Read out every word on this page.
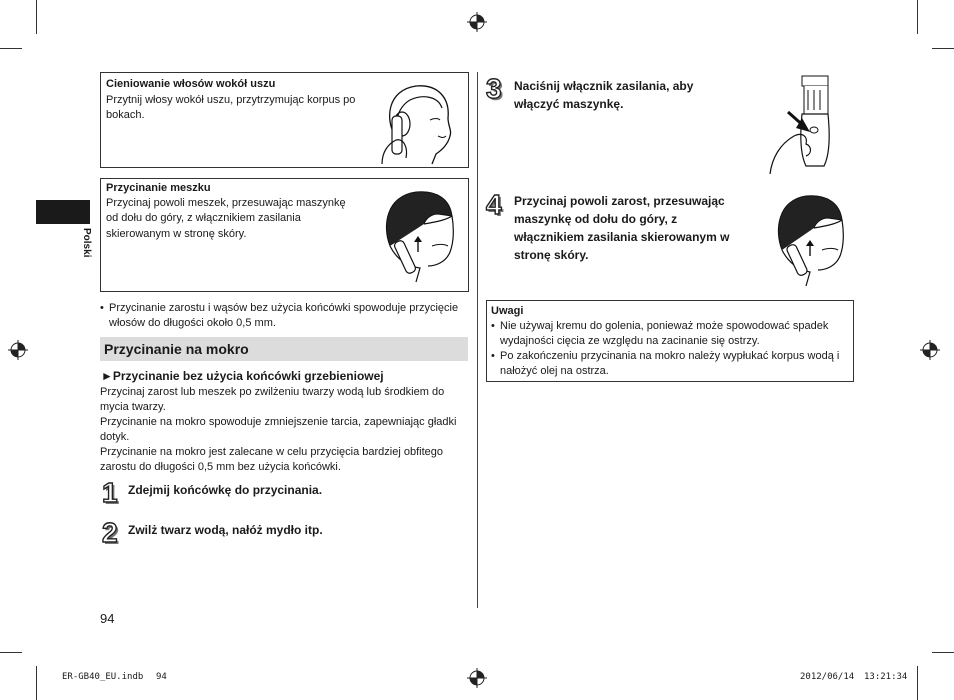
Polski
Cieniowanie włosów wokół uszu
Przytnij włosy wokół uszu, przytrzymując korpus po
bokach.
Przycinanie meszku
Przycinaj powoli meszek, przesuwając maszynkę
od dołu do góry, z włącznikiem zasilania
skierowanym w stronę skóry.
• Przycinanie zarostu i wąsów bez użycia końcówki spowoduje przycięcie
włosów do długości około 0,5 mm.
Przycinanie na mokro
►Przycinanie bez użycia końcówki grzebieniowej
Przycinaj zarost lub meszek po zwilżeniu twarzy wodą lub środkiem do
mycia twarzy.
Przycinanie na mokro spowoduje zmniejszenie tarcia, zapewniając gładki
dotyk.
Przycinanie na mokro jest zalecane w celu przycięcia bardziej obfitego
zarostu do długości 0,5 mm bez użycia końcówki.
1 Zdejmij końcówkę do przycinania.
2 Zwilż twarz wodą, nałóż mydło itp.
94
3 Naciśnij włącznik zasilania, aby
włączyć maszynkę.
4 Przycinaj powoli zarost, przesuwając
maszynkę od dołu do góry, z
włącznikiem zasilania skierowanym w
stronę skóry.
Uwagi
• Nie używaj kremu do golenia, ponieważ może spowodować spadek
wydajności cięcia ze względu na zacinanie się ostrzy.
• Po zakończeniu przycinania na mokro należy wypłukać korpus wodą i
nałożyć olej na ostrza.
ER-GB40_EU.indb 94	2012/06/14 13:21:34
